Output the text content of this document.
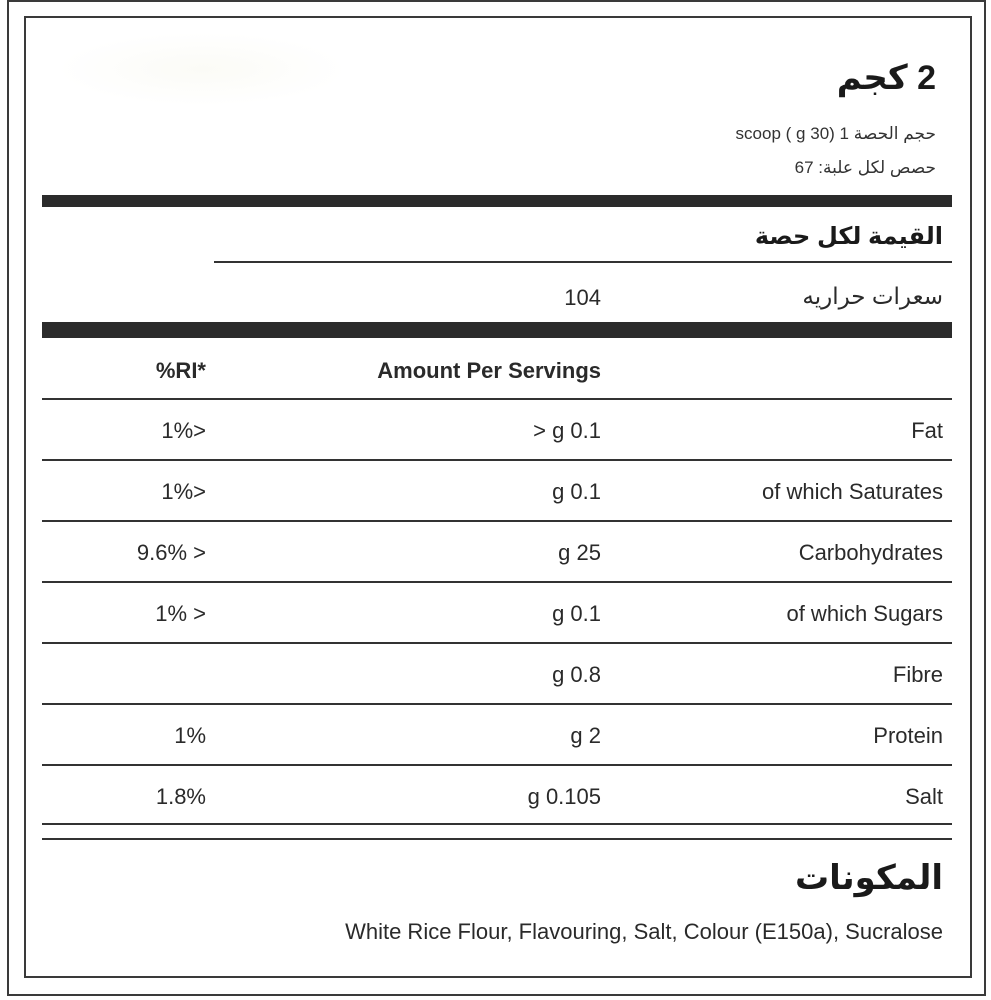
2 كجم
حجم الحصة 1 (30 g ) scoop
حصص لكل علبة: 67
القيمة لكل حصة
سعرات حراريه
104
%RI*	Amount Per Servings
Fat
> g 0.1
1%>
of which Saturates
g 0.1
1%>
Carbohydrates
g 25
9.6% >
of which Sugars
g 0.1
1% >
Fibre
g 0.8
Protein
g 2
1%
Salt
g 0.105
1.8%
المكونات
White Rice Flour, Flavouring, Salt, Colour (E150a), Sucralose
